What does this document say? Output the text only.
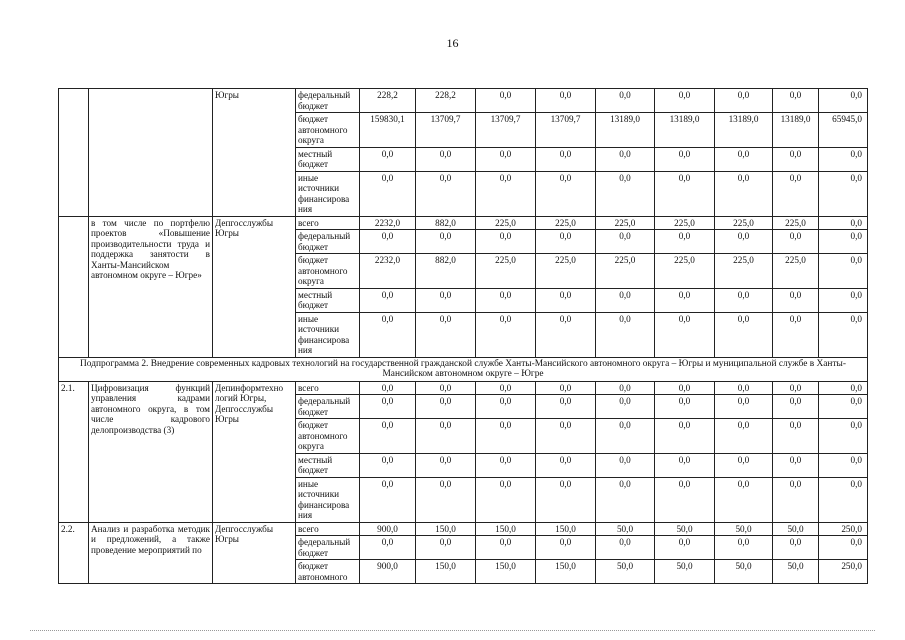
16
		Югры	федеральный бюджет	228,2	228,2	0,0	0,0	0,0	0,0	0,0	0,0	0,0
			бюджет автономного округа	159830,1	13709,7	13709,7	13709,7	13189,0	13189,0	13189,0	13189,0	65945,0
			местный бюджет	0,0	0,0	0,0	0,0	0,0	0,0	0,0	0,0	0,0
			иные источники финансирова ния	0,0	0,0	0,0	0,0	0,0	0,0	0,0	0,0	0,0
	в том числе по портфелю проектов «Повышение производительности труда и поддержка занятости в Ханты-Мансийском автономном округе – Югре»	Депгосслужбы Югры	всего	2232,0	882,0	225,0	225,0	225,0	225,0	225,0	225,0	0,0
			федеральный бюджет	0,0	0,0	0,0	0,0	0,0	0,0	0,0	0,0	0,0
			бюджет автономного округа	2232,0	882,0	225,0	225,0	225,0	225,0	225,0	225,0	0,0
			местный бюджет	0,0	0,0	0,0	0,0	0,0	0,0	0,0	0,0	0,0
			иные источники финансирова ния	0,0	0,0	0,0	0,0	0,0	0,0	0,0	0,0	0,0
Подпрограмма 2. Внедрение современных кадровых технологий на государственной гражданской службе Ханты-Мансийского автономного округа – Югры и муниципальной службе в Ханты-Мансийском автономном округе – Югре												
2.1.	Цифровизация функций управления кадрами автономного округа, в том числе кадрового делопроизводства (3)	Депинформтехно логий Югры, Депгосслужбы Югры	всего	0,0	0,0	0,0	0,0	0,0	0,0	0,0	0,0	0,0
			федеральный бюджет	0,0	0,0	0,0	0,0	0,0	0,0	0,0	0,0	0,0
			бюджет автономного округа	0,0	0,0	0,0	0,0	0,0	0,0	0,0	0,0	0,0
			местный бюджет	0,0	0,0	0,0	0,0	0,0	0,0	0,0	0,0	0,0
			иные источники финансирова ния	0,0	0,0	0,0	0,0	0,0	0,0	0,0	0,0	0,0
2.2.	Анализ и разработка методик и предложений, а также проведение мероприятий по	Депгосслужбы Югры	всего	900,0	150,0	150,0	150,0	50,0	50,0	50,0	50,0	250,0
			федеральный бюджет	0,0	0,0	0,0	0,0	0,0	0,0	0,0	0,0	0,0
			бюджет автономного	900,0	150,0	150,0	150,0	50,0	50,0	50,0	50,0	250,0
